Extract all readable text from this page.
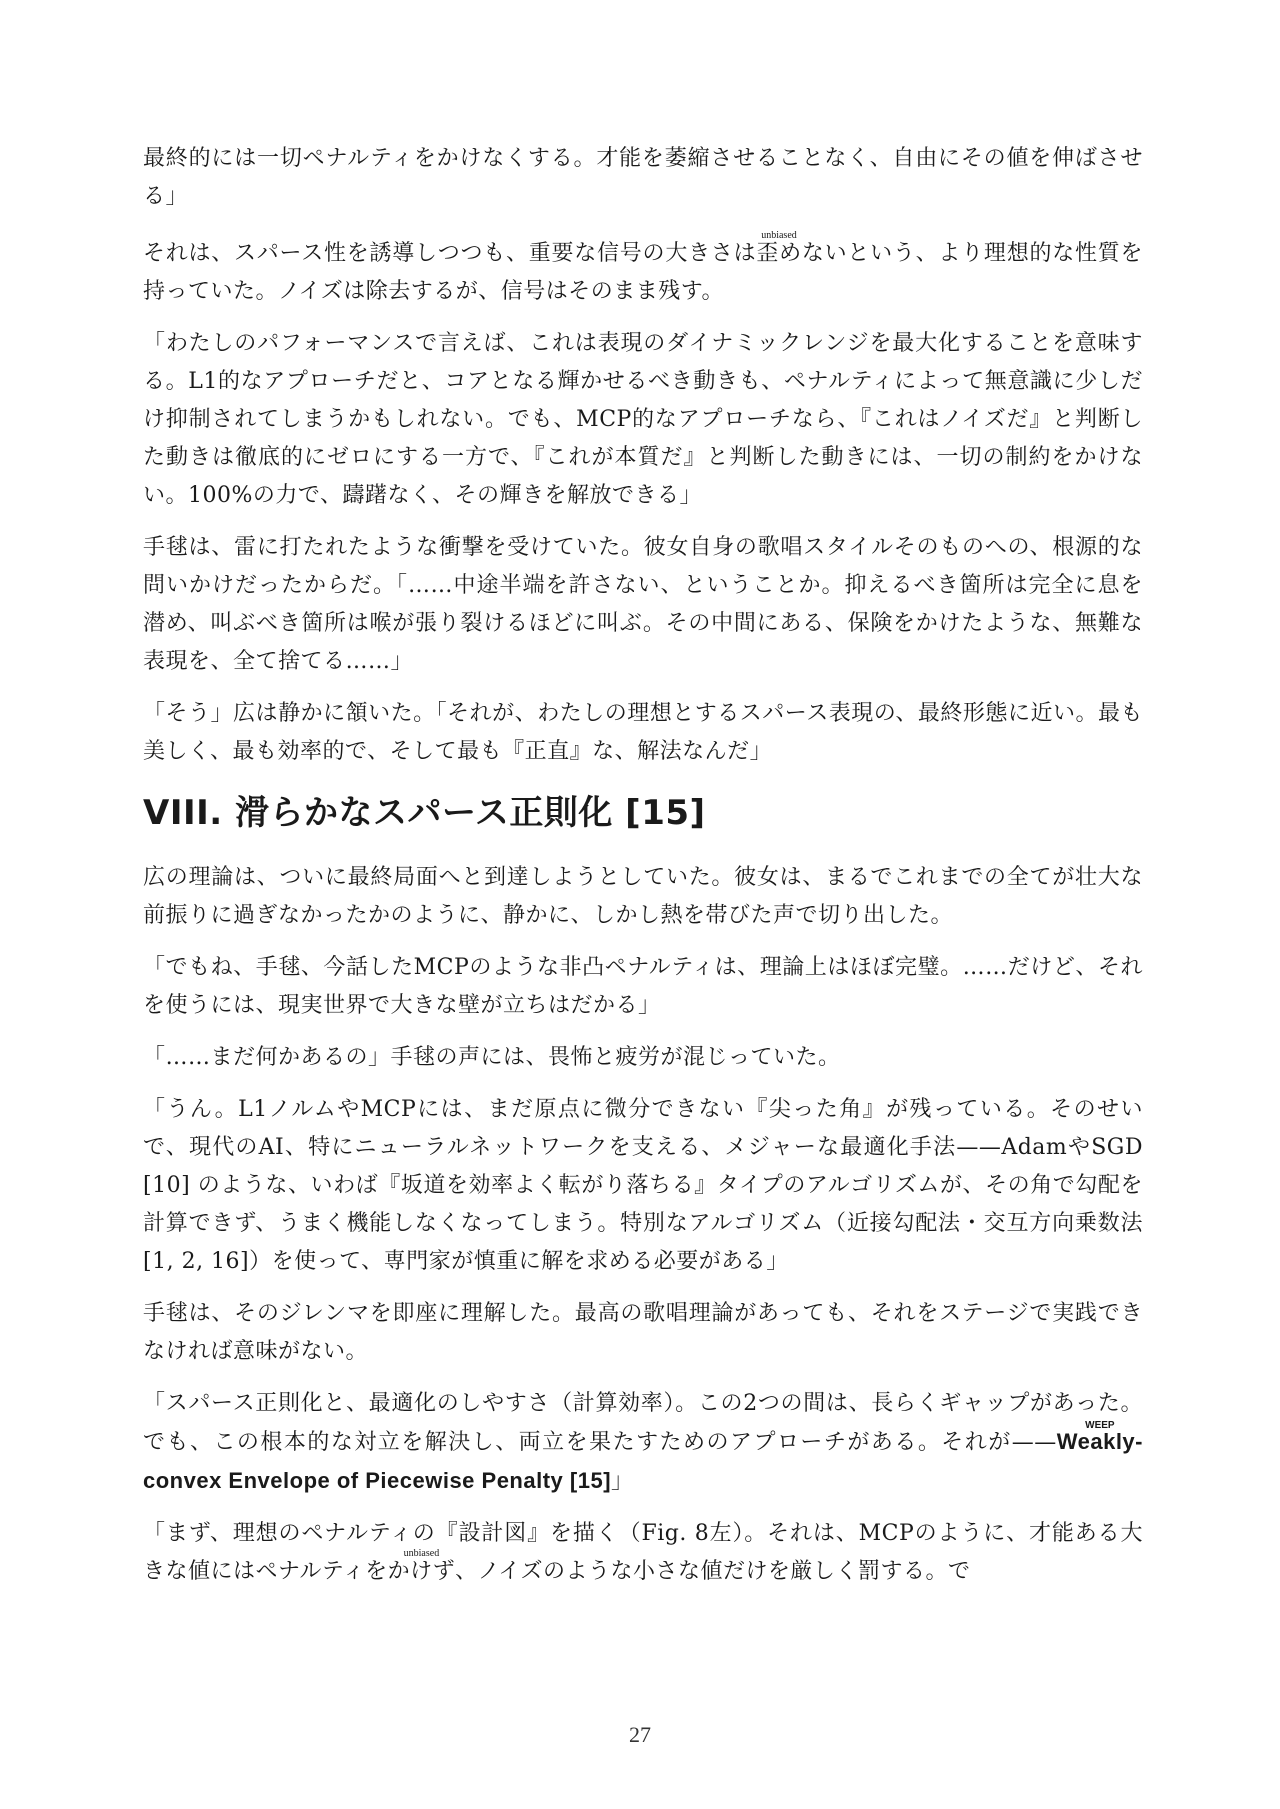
最終的には一切ペナルティをかけなくする。才能を萎縮させることなく、自由にその値を伸ばさせる」

それは、スパース性を誘導しつつも、重要な信号の大きさは歪めunbiasedないという、より理想的な性質を持っていた。ノイズは除去するが、信号はそのまま残す。

「わたしのパフォーマンスで言えば、これは表現のダイナミックレンジを最大化することを意味する。L1的なアプローチだと、コアとなる輝かせるべき動きも、ペナルティによって無意識に少しだけ抑制されてしまうかもしれない。でも、MCP的なアプローチなら、『これはノイズだ』と判断した動きは徹底的にゼロにする一方で、『これが本質だ』と判断した動きには、一切の制約をかけない。100%の力で、躊躇なく、その輝きを解放できる」

手毬は、雷に打たれたような衝撃を受けていた。彼女自身の歌唱スタイルそのものへの、根源的な問いかけだったからだ。「……中途半端を許さない、ということか。抑えるべき箇所は完全に息を潜め、叫ぶべき箇所は喉が張り裂けるほどに叫ぶ。その中間にある、保険をかけたような、無難な表現を、全て捨てる……」

「そう」広は静かに頷いた。「それが、わたしの理想とするスパース表現の、最終形態に近い。最も美しく、最も効率的で、そして最も『正直』な、解法なんだ」

VIII. 滑らかなスパース正則化 [15]

広の理論は、ついに最終局面へと到達しようとしていた。彼女は、まるでこれまでの全てが壮大な前振りに過ぎなかったかのように、静かに、しかし熱を帯びた声で切り出した。

「でもね、手毬、今話したMCPのような非凸ペナルティは、理論上はほぼ完璧。……だけど、それを使うには、現実世界で大きな壁が立ちはだかる」

「……まだ何かあるの」手毬の声には、畏怖と疲労が混じっていた。

「うん。L1ノルムやMCPには、まだ原点に微分できない『尖った角』が残っている。そのせいで、現代のAI、特にニューラルネットワークを支える、メジャーな最適化手法——AdamやSGD [10] のような、いわば『坂道を効率よく転がり落ちる』タイプのアルゴリズムが、その角で勾配を計算できず、うまく機能しなくなってしまう。特別なアルゴリズム（近接勾配法・交互方向乗数法 [1, 2, 16]）を使って、専門家が慎重に解を求める必要がある」

手毬は、そのジレンマを即座に理解した。最高の歌唱理論があっても、それをステージで実践できなければ意味がない。

「スパース正則化と、最適化のしやすさ（計算効率）。この2つの間は、長らくギャップがあった。でも、この根本的な対立を解決し、両立を果たすためのアプローチがある。それが——Weakly-convex Envelope of Piecewise Penalty [15]WEEP」

「まず、理想のペナルティの『設計図』を描く（Fig. 8左）。それは、MCPのように、才能ある大きな値にはペナルティをかけずunbiased、ノイズのような小さな値だけを厳しく罰する。で

27
